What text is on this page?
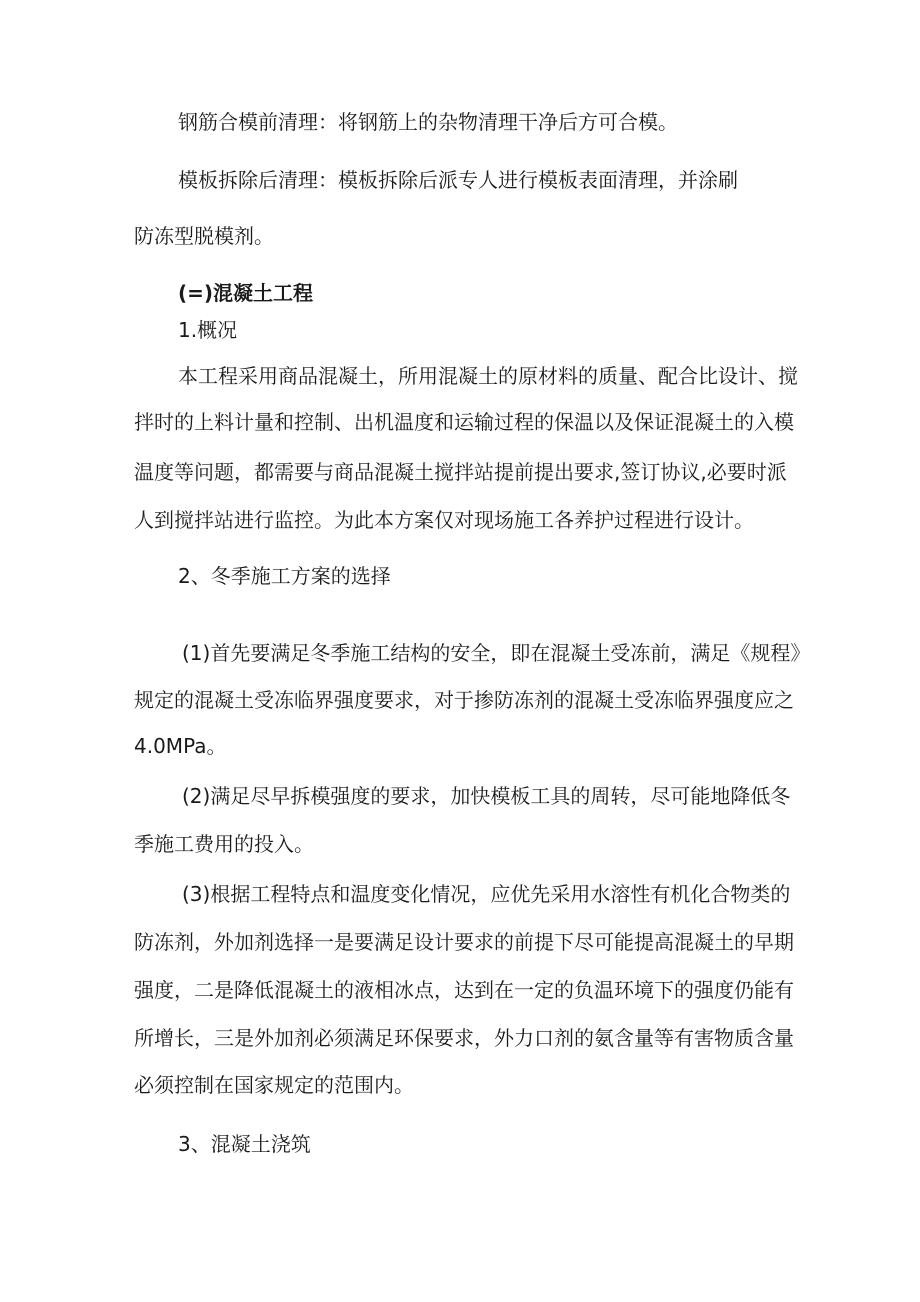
钢筋合模前清理：将钢筋上的杂物清理干净后方可合模。

模板拆除后清理：模板拆除后派专人进行模板表面清理，并涂刷

防冻型脱模剂。

(=)混凝土工程

1.概况

本工程采用商品混凝土，所用混凝土的原材料的质量、配合比设计、搅

拌时的上料计量和控制、出机温度和运输过程的保温以及保证混凝土的入模

温度等问题，都需要与商品混凝土搅拌站提前提出要求,签订协议,必要时派

人到搅拌站进行监控。为此本方案仅对现场施工各养护过程进行设计。

2、冬季施工方案的选择

(1)首先要满足冬季施工结构的安全，即在混凝土受冻前，满足《规程》

规定的混凝土受冻临界强度要求，对于掺防冻剂的混凝土受冻临界强度应之

4.0MPa。

(2)满足尽早拆模强度的要求，加快模板工具的周转，尽可能地降低冬

季施工费用的投入。

(3)根据工程特点和温度变化情况，应优先采用水溶性有机化合物类的

防冻剂，外加剂选择一是要满足设计要求的前提下尽可能提高混凝土的早期

强度，二是降低混凝土的液相冰点，达到在一定的负温环境下的强度仍能有

所增长，三是外加剂必须满足环保要求，外力口剂的氨含量等有害物质含量

必须控制在国家规定的范围内。

3、混凝土浇筑
